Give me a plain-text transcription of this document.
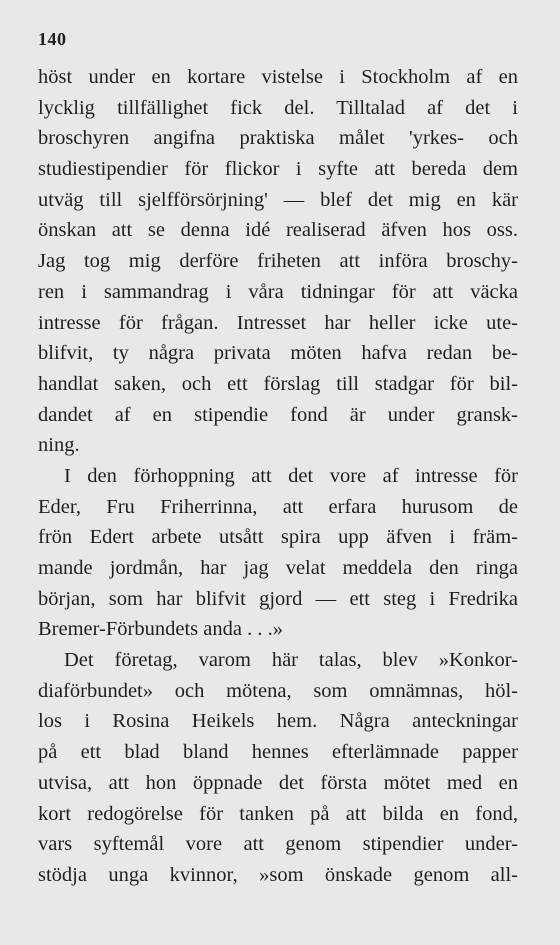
140
höst under en kortare vistelse i Stockholm af en
lycklig tillfällighet fick del. Tilltalad af det i
broschyren angifna praktiska målet 'yrkes- och
studiestipendier för flickor i syfte att bereda dem
utväg till sjelfförsörjning' — blef det mig en kär
önskan att se denna idé realiserad äfven hos oss.
Jag tog mig derföre friheten att införa broschy-
ren i sammandrag i våra tidningar för att väcka
intresse för frågan. Intresset har heller icke ute-
blifvit, ty några privata möten hafva redan be-
handlat saken, och ett förslag till stadgar för bil-
dandet af en stipendie fond är under gransk-
ning.
I den förhoppning att det vore af intresse för
Eder, Fru Friherrinna, att erfara hurusom de
frön Edert arbete utsått spira upp äfven i främ-
mande jordmån, har jag velat meddela den ringa
början, som har blifvit gjord — ett steg i Fredrika
Bremer-Förbundets anda . . .»
Det företag, varom här talas, blev »Konkor-
diaförbundet» och mötena, som omnämnas, höl-
los i Rosina Heikels hem. Några anteckningar
på ett blad bland hennes efterlämnade papper
utvisa, att hon öppnade det första mötet med en
kort redogörelse för tanken på att bilda en fond,
vars syftemål vore att genom stipendier under-
stödja unga kvinnor, »som önskade genom all-
